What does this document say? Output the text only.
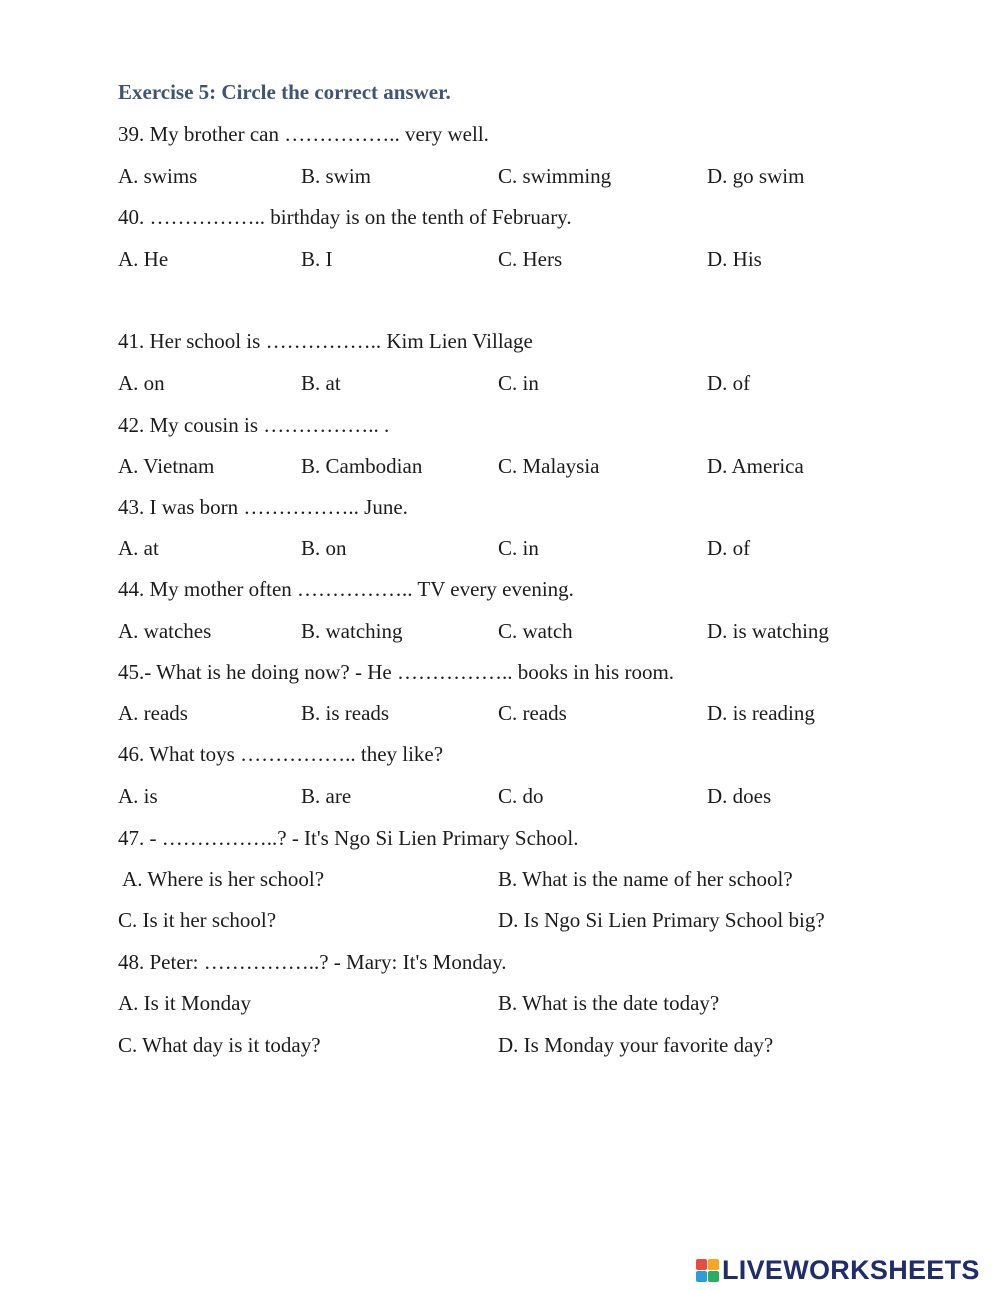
Exercise 5: Circle the correct answer.
39. My brother can …………….. very well.
A. swims	B. swim	C. swimming	D. go swim
40. …………….. birthday is on the tenth of February.
A. He	B. I	C. Hers	D. His
41. Her school is …………….. Kim Lien Village
A. on	B. at	C. in	D. of
42. My cousin is …………….. .
A. Vietnam	B. Cambodian	C. Malaysia	D. America
43. I was born …………….. June.
A. at	B. on	C. in	D. of
44. My mother often …………….. TV every evening.
A. watches	B. watching	C. watch	D. is watching
45.- What is he doing now? - He …………….. books in his room.
A. reads	B. is reads	C. reads	D. is reading
46. What toys …………….. they like?
A. is	B. are	C. do	D. does
47. - ……………..? - It's Ngo Si Lien Primary School.
A. Where is her school?	B. What is the name of her school?
C. Is it her school?	D. Is Ngo Si Lien Primary School big?
48. Peter: ……………..? - Mary: It's Monday.
A. Is it Monday	B. What is the date today?
C. What day is it today?	D. Is Monday your favorite day?
LIVEWORKSHEETS
